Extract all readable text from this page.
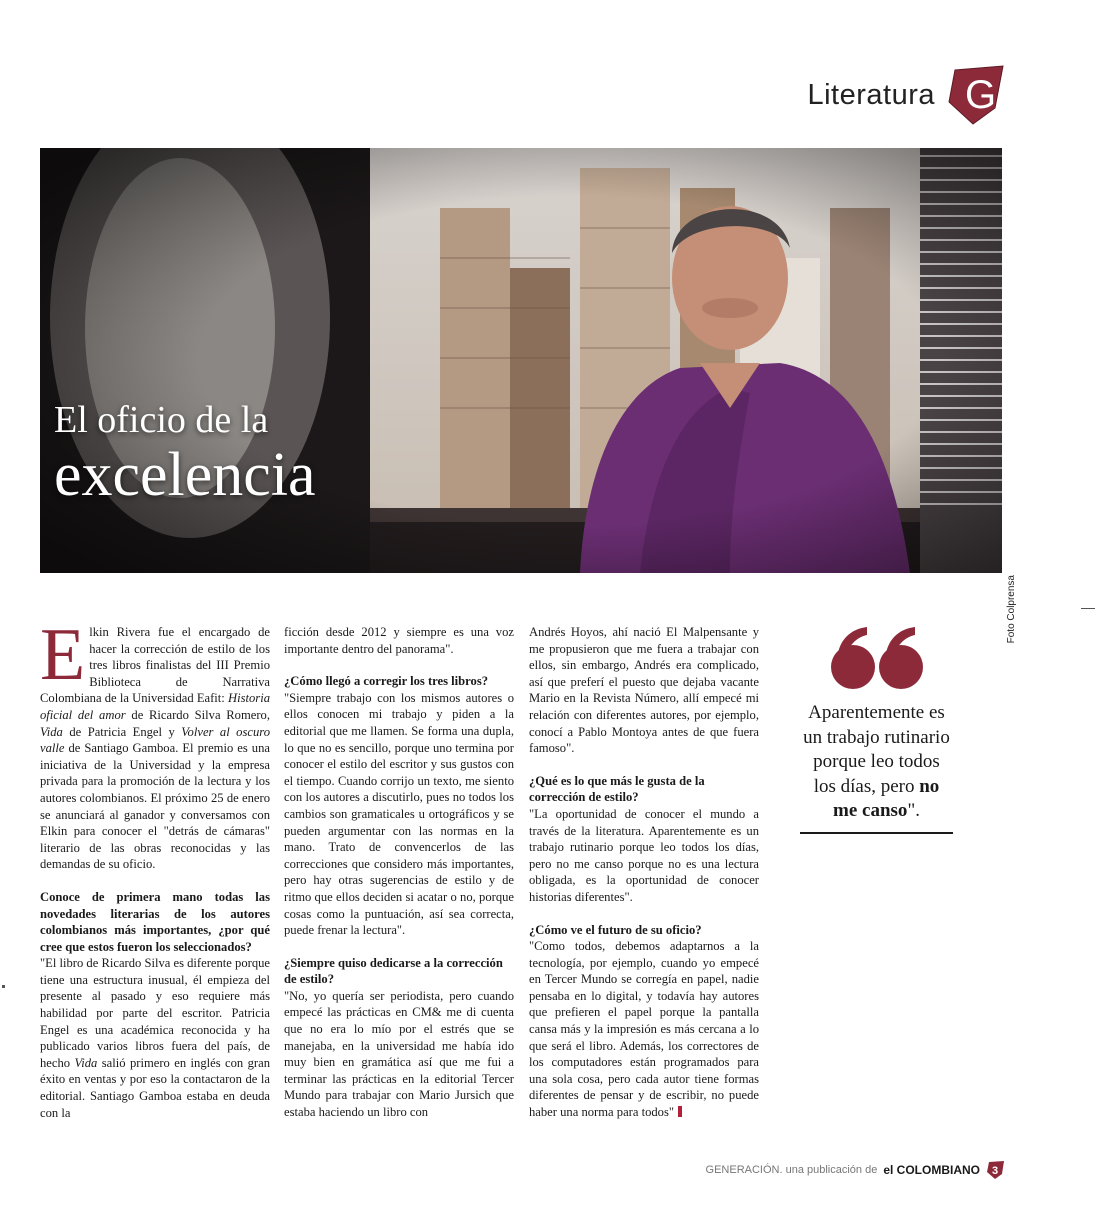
Literatura G
El oficio de la
excelencia
Foto Colprensa

Elkin Rivera fue el encargado de hacer la corrección de estilo de los tres libros finalistas del III Premio Biblioteca de Narrativa Colombiana de la Universidad Eafit: Historia oficial del amor de Ricardo Silva Romero, Vida de Patricia Engel y Volver al oscuro valle de Santiago Gamboa. El premio es una iniciativa de la Universidad y la empresa privada para la promoción de la lectura y los autores colombianos. El próximo 25 de enero se anunciará al ganador y conversamos con Elkin para conocer el "detrás de cámaras" literario de las obras reconocidas y las demandas de su oficio.

Conoce de primera mano todas las novedades literarias de los autores colombianos más importantes, ¿por qué cree que estos fueron los seleccionados?

"El libro de Ricardo Silva es diferente porque tiene una estructura inusual, él empieza del presente al pasado y eso requiere más habilidad por parte del escritor. Patricia Engel es una académica reconocida y ha publicado varios libros fuera del país, de hecho Vida salió primero en inglés con gran éxito en ventas y por eso la contactaron de la editorial. Santiago Gamboa estaba en deuda con la

ficción desde 2012 y siempre es una voz importante dentro del panorama".

¿Cómo llegó a corregir los tres libros?

"Siempre trabajo con los mismos autores o ellos conocen mi trabajo y piden a la editorial que me llamen. Se forma una dupla, lo que no es sencillo, porque uno termina por conocer el estilo del escritor y sus gustos con el tiempo. Cuando corrijo un texto, me siento con los autores a discutirlo, pues no todos los cambios son gramaticales u ortográficos y se pueden argumentar con las normas en la mano. Trato de convencerlos de las correcciones que considero más importantes, pero hay otras sugerencias de estilo y de ritmo que ellos deciden si acatar o no, porque cosas como la puntuación, así sea correcta, puede frenar la lectura".

¿Siempre quiso dedicarse a la corrección de estilo?

"No, yo quería ser periodista, pero cuando empecé las prácticas en CM& me di cuenta que no era lo mío por el estrés que se manejaba, en la universidad me había ido muy bien en gramática así que me fui a terminar las prácticas en la editorial Tercer Mundo para trabajar con Mario Jursich que estaba haciendo un libro con

Andrés Hoyos, ahí nació El Malpensante y me propusieron que me fuera a trabajar con ellos, sin embargo, Andrés era complicado, así que preferí el puesto que dejaba vacante Mario en la Revista Número, allí empecé mi relación con diferentes autores, por ejemplo, conocí a Pablo Montoya antes de que fuera famoso".

¿Qué es lo que más le gusta de la corrección de estilo?

"La oportunidad de conocer el mundo a través de la literatura. Aparentemente es un trabajo rutinario porque leo todos los días, pero no me canso porque no es una lectura obligada, es la oportunidad de conocer historias diferentes".

¿Cómo ve el futuro de su oficio?

"Como todos, debemos adaptarnos a la tecnología, por ejemplo, cuando yo empecé en Tercer Mundo se corregía en papel, nadie pensaba en lo digital, y todavía hay autores que prefieren el papel porque la pantalla cansa más y la impresión es más cercana a lo que será el libro. Además, los correctores de los computadores están programados para una sola cosa, pero cada autor tiene formas diferentes de pensar y de escribir, no puede haber una norma para todos"

Aparentemente es un trabajo rutinario porque leo todos los días, pero no me canso".
GENERACIÓN. una publicación de el COLOMBIANO 3
